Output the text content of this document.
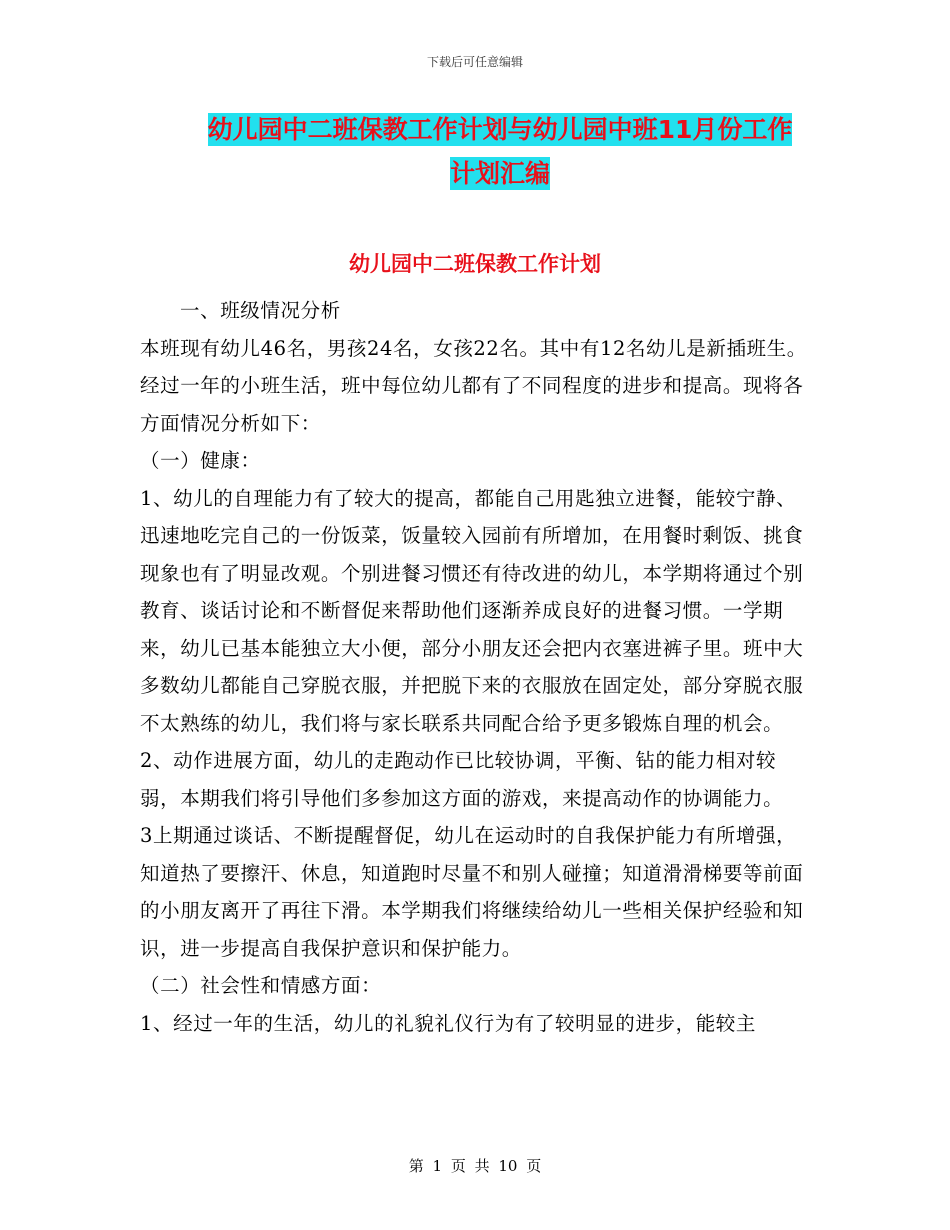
下载后可任意编辑
幼儿园中二班保教工作计划与幼儿园中班11月份工作
计划汇编
幼儿园中二班保教工作计划

一、班级情况分析

本班现有幼儿46名，男孩24名，女孩22名。其中有12名幼儿是新插班生。经过一年的小班生活，班中每位幼儿都有了不同程度的进步和提高。现将各方面情况分析如下：

（一）健康：

1、幼儿的自理能力有了较大的提高，都能自己用匙独立进餐，能较宁静、迅速地吃完自己的一份饭菜，饭量较入园前有所增加，在用餐时剩饭、挑食现象也有了明显改观。个别进餐习惯还有待改进的幼儿，本学期将通过个别教育、谈话讨论和不断督促来帮助他们逐渐养成良好的进餐习惯。一学期来，幼儿已基本能独立大小便，部分小朋友还会把内衣塞进裤子里。班中大多数幼儿都能自己穿脱衣服，并把脱下来的衣服放在固定处，部分穿脱衣服不太熟练的幼儿，我们将与家长联系共同配合给予更多锻炼自理的机会。

2、动作进展方面，幼儿的走跑动作已比较协调，平衡、钻的能力相对较弱，本期我们将引导他们多参加这方面的游戏，来提高动作的协调能力。

3上期通过谈话、不断提醒督促，幼儿在运动时的自我保护能力有所增强，知道热了要擦汗、休息，知道跑时尽量不和别人碰撞；知道滑滑梯要等前面的小朋友离开了再往下滑。本学期我们将继续给幼儿一些相关保护经验和知识，进一步提高自我保护意识和保护能力。

（二）社会性和情感方面：

1、经过一年的生活，幼儿的礼貌礼仪行为有了较明显的进步，能较主

第 1 页 共 10 页
